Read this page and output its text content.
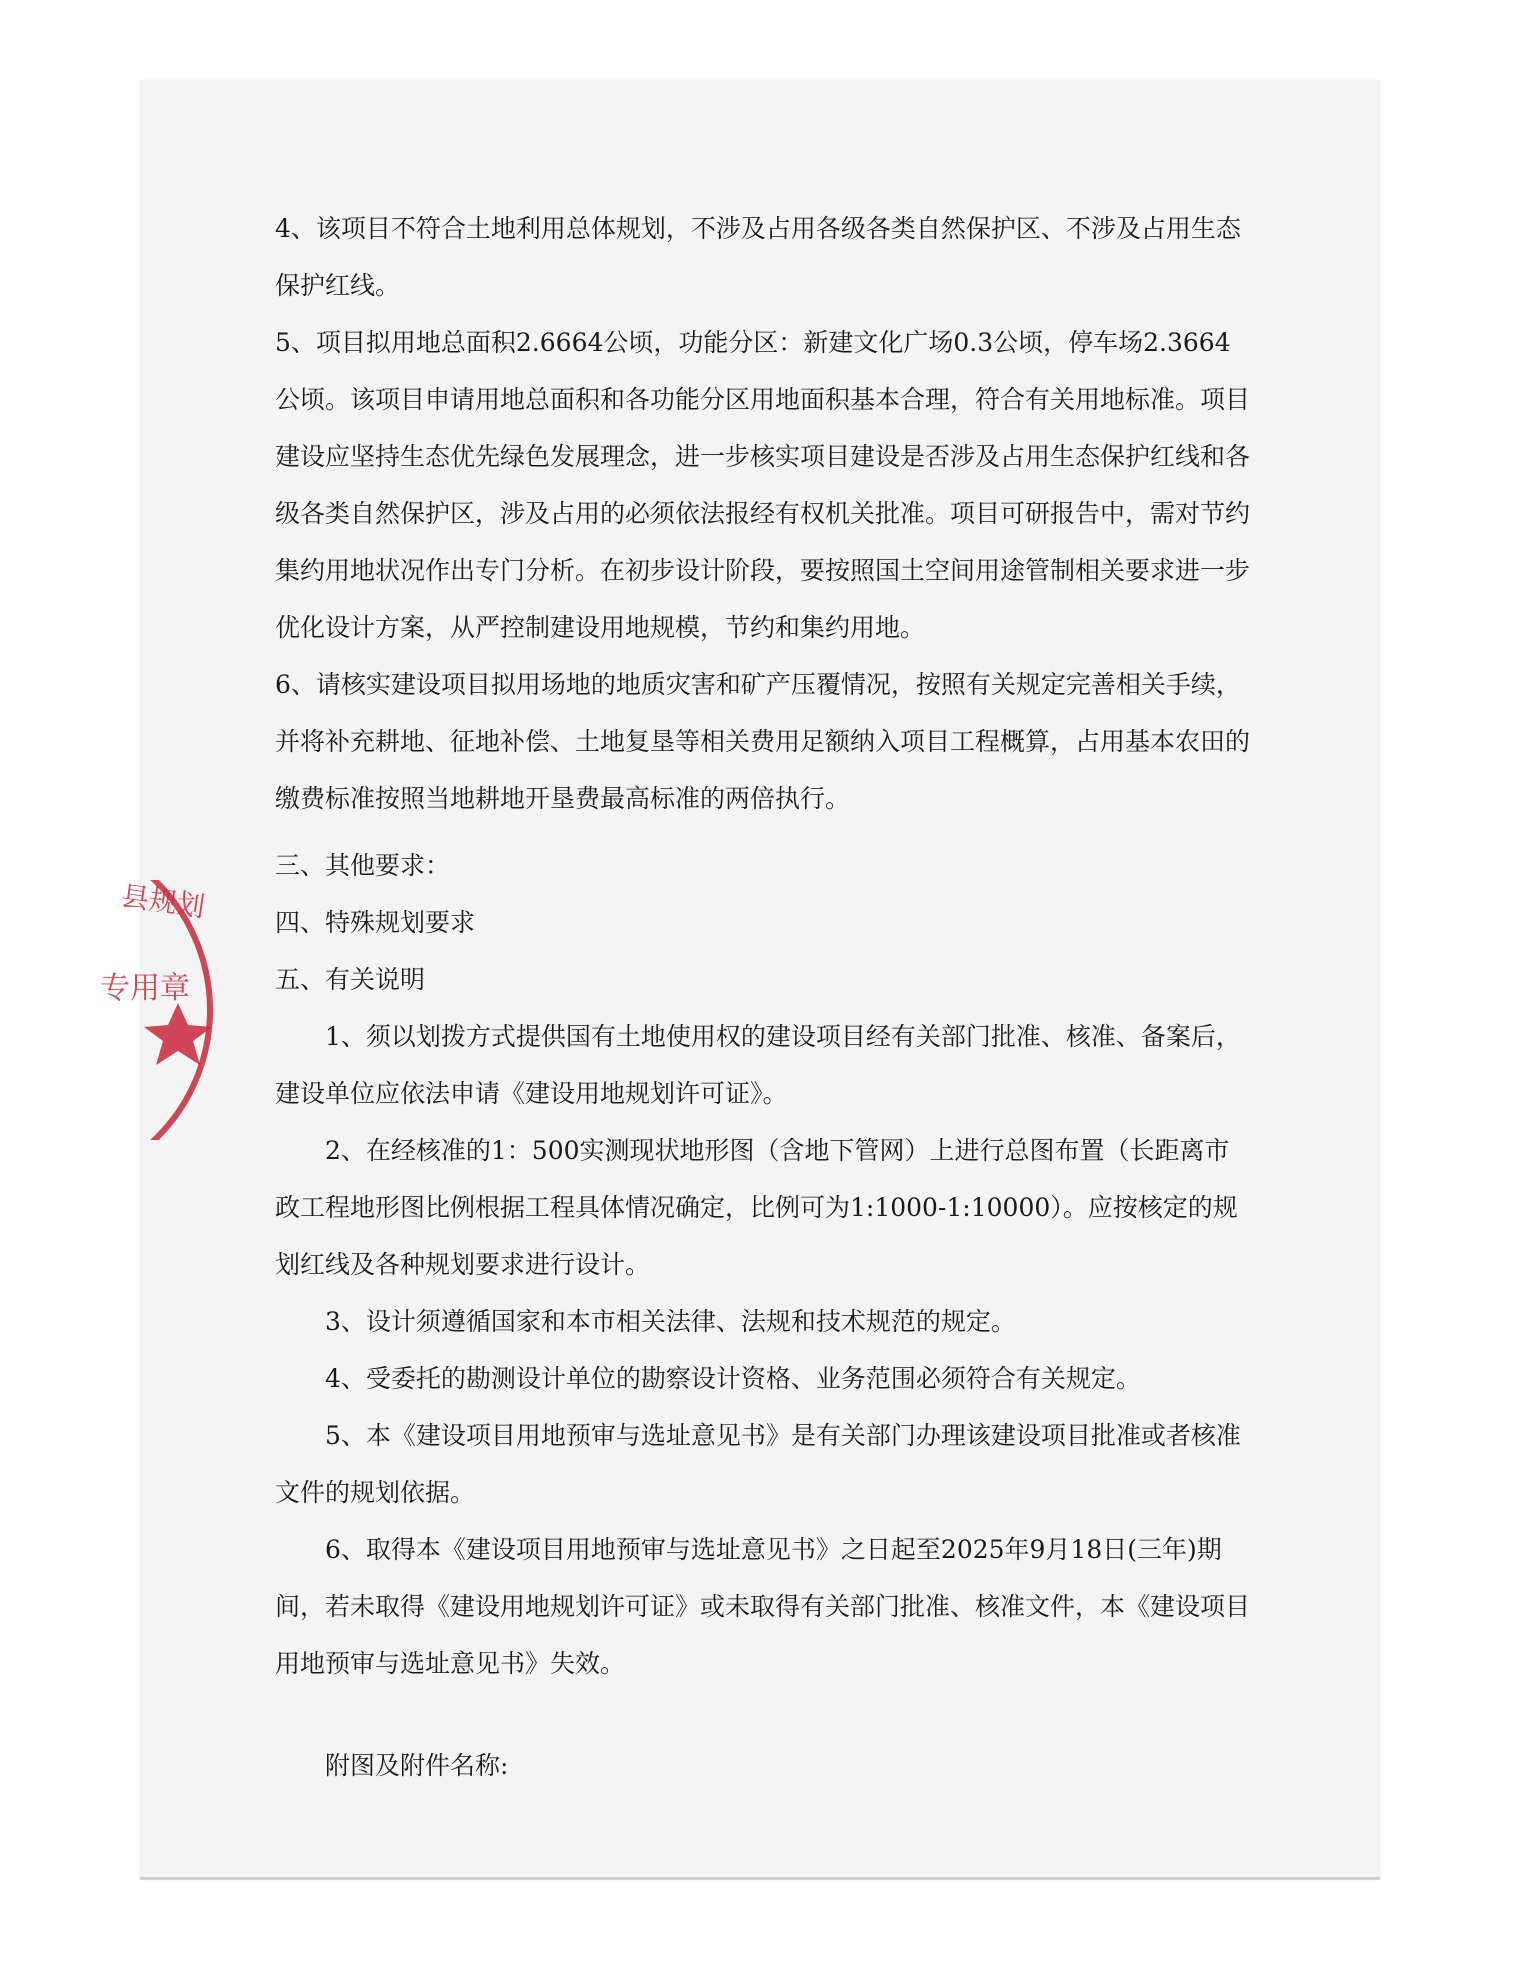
县规划
专用章

4、该项目不符合土地利用总体规划，不涉及占用各级各类自然保护区、不涉及占用生态保护红线。

5、项目拟用地总面积2.6664公顷，功能分区：新建文化广场0.3公顷，停车场2.3664公顷。该项目申请用地总面积和各功能分区用地面积基本合理，符合有关用地标准。项目建设应坚持生态优先绿色发展理念，进一步核实项目建设是否涉及占用生态保护红线和各级各类自然保护区，涉及占用的必须依法报经有权机关批准。项目可研报告中，需对节约集约用地状况作出专门分析。在初步设计阶段，要按照国土空间用途管制相关要求进一步优化设计方案，从严控制建设用地规模，节约和集约用地。

6、请核实建设项目拟用场地的地质灾害和矿产压覆情况，按照有关规定完善相关手续，并将补充耕地、征地补偿、土地复垦等相关费用足额纳入项目工程概算，占用基本农田的缴费标准按照当地耕地开垦费最高标准的两倍执行。

三、其他要求：

四、特殊规划要求

五、有关说明

1、须以划拨方式提供国有土地使用权的建设项目经有关部门批准、核准、备案后，建设单位应依法申请《建设用地规划许可证》。

2、在经核准的1：500实测现状地形图（含地下管网）上进行总图布置（长距离市政工程地形图比例根据工程具体情况确定，比例可为1:1000-1:10000）。应按核定的规划红线及各种规划要求进行设计。

3、设计须遵循国家和本市相关法律、法规和技术规范的规定。

4、受委托的勘测设计单位的勘察设计资格、业务范围必须符合有关规定。

5、本《建设项目用地预审与选址意见书》是有关部门办理该建设项目批准或者核准文件的规划依据。

6、取得本《建设项目用地预审与选址意见书》之日起至2025年9月18日(三年)期间，若未取得《建设用地规划许可证》或未取得有关部门批准、核准文件，本《建设项目用地预审与选址意见书》失效。

附图及附件名称:
